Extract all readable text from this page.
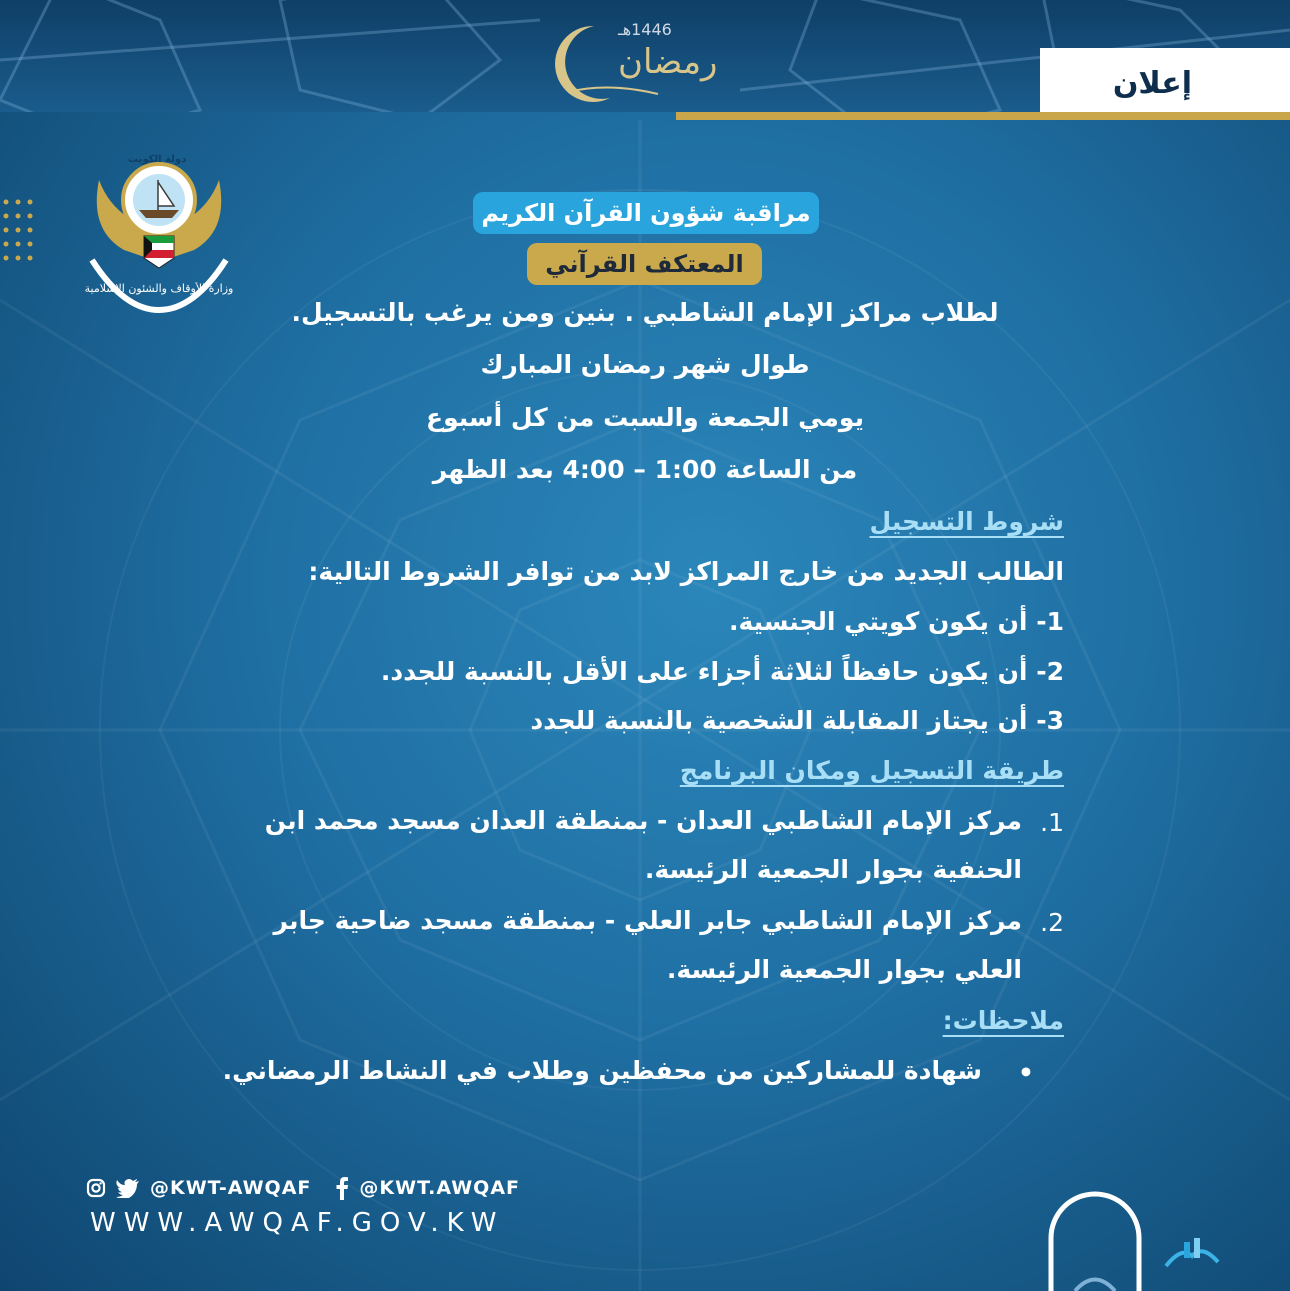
1446هـ
رمضان
إعلان
دولة الكويت
وزارة الأوقاف والشئون الإسلامية
مراقبة شؤون القرآن الكريم
المعتكف القرآني
لطلاب مراكز الإمام الشاطبي . بنين ومن يرغب بالتسجيل.
طوال شهر رمضان المبارك
يومي الجمعة والسبت من كل أسبوع
من الساعة 1:00 – 4:00 بعد الظهر
شروط التسجيل
الطالب الجديد من خارج المراكز لابد من توافر الشروط التالية:
1- أن يكون كويتي الجنسية.
2- أن يكون حافظاً لثلاثة أجزاء على الأقل بالنسبة للجدد.
3- أن يجتاز المقابلة الشخصية بالنسبة للجدد
طريقة التسجيل ومكان البرنامج
1.
مركز الإمام الشاطبي العدان - بمنطقة العدان مسجد محمد ابن
الحنفية بجوار الجمعية الرئيسة.
2.
مركز الإمام الشاطبي جابر العلي - بمنطقة مسجد ضاحية جابر
العلي بجوار الجمعية الرئيسة.
ملاحظات:
•
شهادة للمشاركين من محفظين وطلاب في النشاط الرمضاني.
@KWT-AWQAF	@KWT.AWQAF
WWW.AWQAF.GOV.KW
